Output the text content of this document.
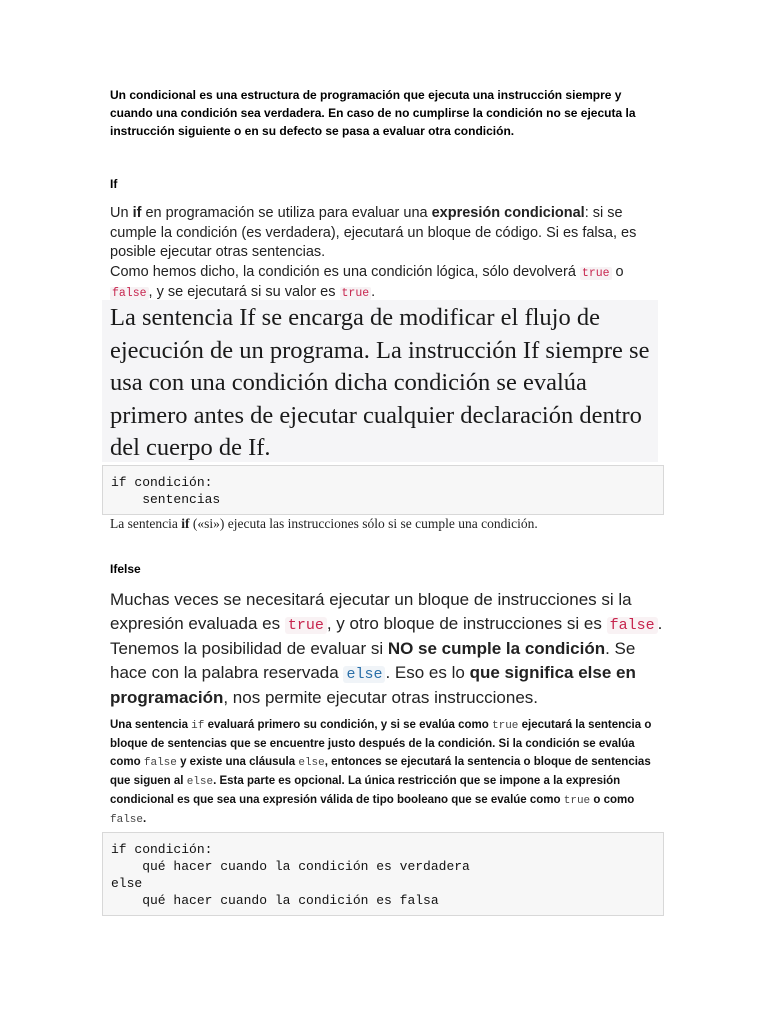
Un condicional es una estructura de programación que ejecuta una instrucción siempre y cuando una condición sea verdadera. En caso de no cumplirse la condición no se ejecuta la instrucción siguiente o en su defecto se pasa a evaluar otra condición.

If

Un if en programación se utiliza para evaluar una expresión condicional: si se cumple la condición (es verdadera), ejecutará un bloque de código. Si es falsa, es posible ejecutar otras sentencias.
Como hemos dicho, la condición es una condición lógica, sólo devolverá true o false , y se ejecutará si su valor es true .

La sentencia If se encarga de modificar el flujo de ejecución de un programa. La instrucción If siempre se usa con una condición dicha condición se evalúa primero antes de ejecutar cualquier declaración dentro del cuerpo de If.
if condición:
sentencias
La sentencia if («si») ejecuta las instrucciones sólo si se cumple una condición.
Ifelse

Muchas veces se necesitará ejecutar un bloque de instrucciones si la expresión evaluada es true , y otro bloque de instrucciones si es false . Tenemos la posibilidad de evaluar si NO se cumple la condición. Se hace con la palabra reservada else . Eso es lo que significa else en programación, nos permite ejecutar otras instrucciones.

Una sentencia if evaluará primero su condición, y si se evalúa como true ejecutará la sentencia o bloque de sentencias que se encuentre justo después de la condición. Si la condición se evalúa como false y existe una cláusula else, entonces se ejecutará la sentencia o bloque de sentencias que siguen al else. Esta parte es opcional. La única restricción que se impone a la expresión condicional es que sea una expresión válida de tipo booleano que se evalúe como true o como false.

if condición:
qué hacer cuando la condición es verdadera
else
qué hacer cuando la condición es falsa
